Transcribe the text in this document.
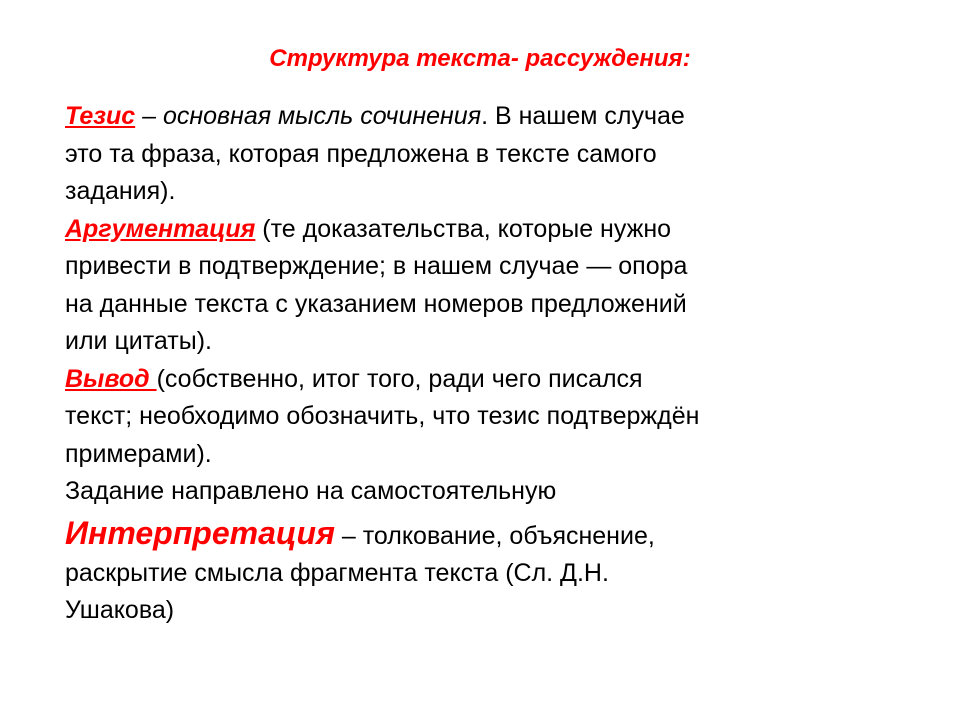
Структура текста- рассуждения:
Тезис – основная мысль сочинения. В нашем случае
это та фраза, которая предложена в тексте самого
задания).
Аргументация (те доказательства, которые нужно
привести в подтверждение; в нашем случае — опора
на данные текста с указанием номеров предложений
или цитаты).
Вывод (собственно, итог того, ради чего писался
текст; необходимо обозначить, что тезис подтверждён
примерами).
Задание направлено на самостоятельную
Интерпретация – толкование, объяснение,
раскрытие смысла фрагмента текста (Сл. Д.Н.
Ушакова)
